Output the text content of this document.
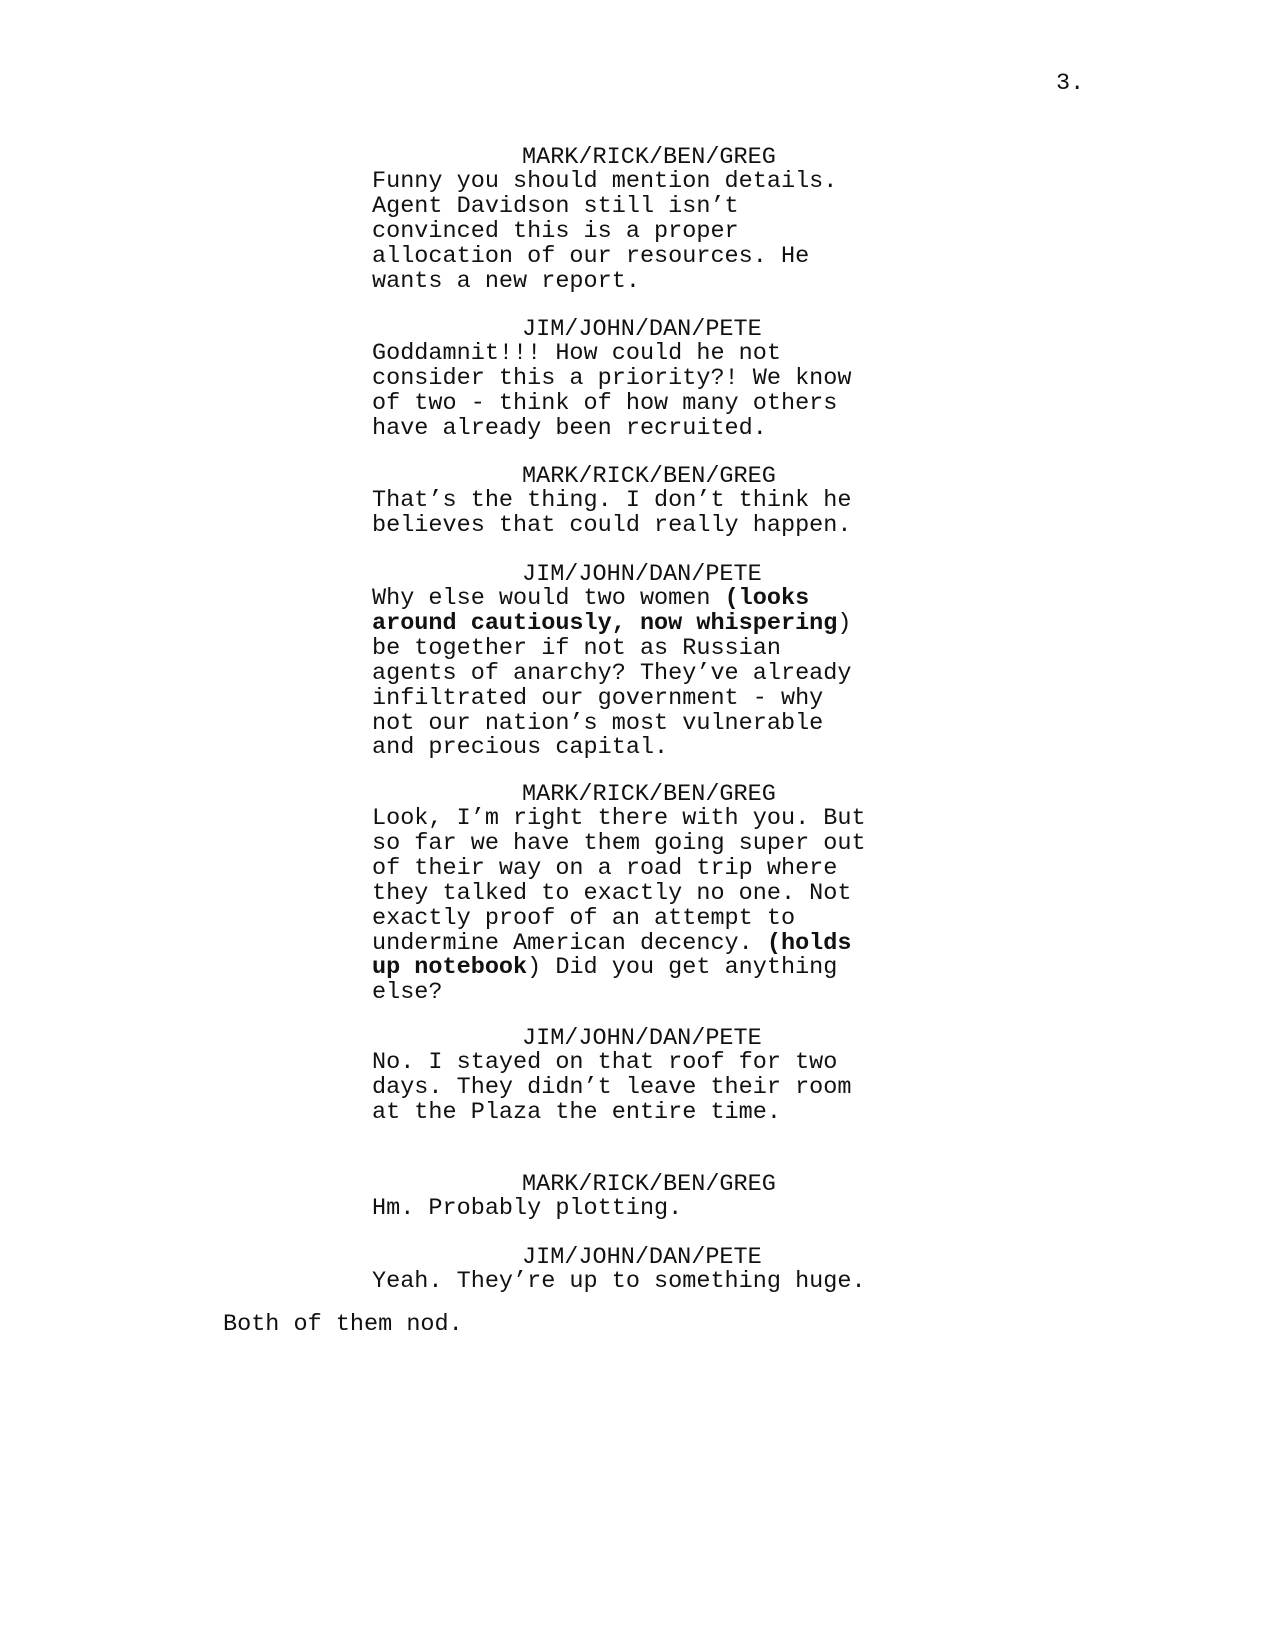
3.
MARK/RICK/BEN/GREG
Funny you should mention details.
Agent Davidson still isn’t
convinced this is a proper
allocation of our resources. He
wants a new report.
JIM/JOHN/DAN/PETE
Goddamnit!!! How could he not
consider this a priority?! We know
of two - think of how many others
have already been recruited.
MARK/RICK/BEN/GREG
That’s the thing. I don’t think he
believes that could really happen.
JIM/JOHN/DAN/PETE
Why else would two women (looks
around cautiously, now whispering)
be together if not as Russian
agents of anarchy? They’ve already
infiltrated our government - why
not our nation’s most vulnerable
and precious capital.
MARK/RICK/BEN/GREG
Look, I’m right there with you. But
so far we have them going super out
of their way on a road trip where
they talked to exactly no one. Not
exactly proof of an attempt to
undermine American decency. (holds
up notebook) Did you get anything
else?
JIM/JOHN/DAN/PETE
No. I stayed on that roof for two
days. They didn’t leave their room
at the Plaza the entire time.
MARK/RICK/BEN/GREG
Hm. Probably plotting.
JIM/JOHN/DAN/PETE
Yeah. They’re up to something huge.
Both of them nod.
